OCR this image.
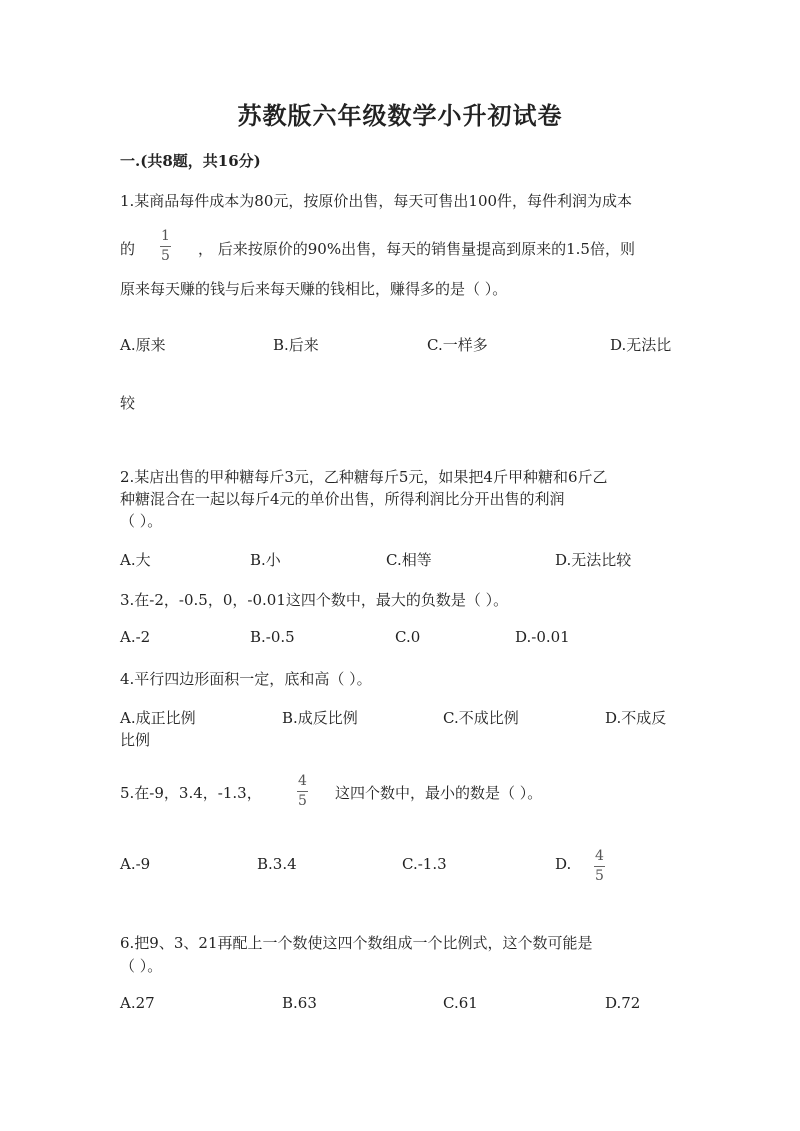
苏教版六年级数学小升初试卷
一.(共8题，共16分)
1.某商品每件成本为80元，按原价出售，每天可售出100件，每件利润为成本
的
1
5 ， 后来按原价的90%出售，每天的销售量提高到原来的1.5倍，则
原来每天赚的钱与后来每天赚的钱相比，赚得多的是（ ）。
A.原来	B.后来	C.一样多	D.无法比
较
2.某店出售的甲种糖每斤3元，乙种糖每斤5元，如果把4斤甲种糖和6斤乙
种糖混合在一起以每斤4元的单价出售，所得利润比分开出售的利润
（ ）。
A.大	B.小	C.相等	D.无法比较
3.在-2，-0.5，0，-0.01这四个数中，最大的负数是（ ）。
A.-2	B.-0.5	C.0	D.-0.01
4.平行四边形面积一定，底和高（ ）。
A.成正比例	B.成反比例	C.不成比例	D.不成反
比例
5.在-9，3.4，-1.3，
4
5 这四个数中，最小的数是（ ）。
A.-9	B.3.4	C.-1.3	D. 4
5
6.把9、3、21再配上一个数使这四个数组成一个比例式，这个数可能是
（ ）。
A.27	B.63	C.61	D.72
